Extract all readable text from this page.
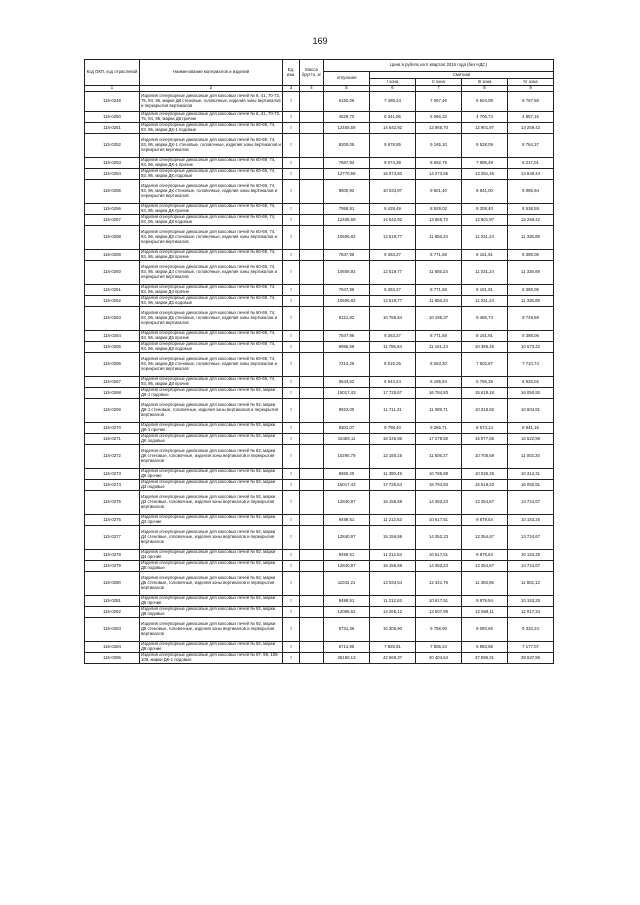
169
Код ОКП, код отраслевой	Наименование материалов и изделий	Ед. изм.	Масса брутто, кг	Цена в рублях на II квартал 2016 года (без НДС)				
				отпускная	Сметная			
					I зона	II зона	III зона	IV зона
1	2	3	4	5	6	7	8	9
115-0249	Изделия огнеупорные динасовые для коксовых печей № 6, 41, 70-73, 75, 94, 95, марки Д8 стеновые, головочные, изделия зоны вертикалов и перекрытия вертикалов	т		6150,06	7 495,24	7 067,46	6 604,08	6 767,68
115-0250	Изделия огнеупорные динасовые для коксовых печей № 6, 41, 70-73, 75, 94, 95, марки Д8 прочие	т		4529,70	5 341,86	5 056,33	4 706,74	4 857,16
115-0251	Изделия огнеупорные динасовые для коксовых печей № 60-69, 74, 93, 96, марки ДК-1 подовые	т		12405,69	14 642,92	13 865,70	12 901,97	13 259,42
115-0252	Изделия огнеупорные динасовые для коксовых печей № 60-69, 74, 93, 96, марки ДК-1 стеновые, головочные, изделия зоны вертикалов и перекрытия вертикалов	т		8200,05	9 678,85	9 165,10	8 528,09	8 764,37
115-0253	Изделия огнеупорные динасовые для коксовых печей № 60-69, 74, 93, 96, марки ДК-1 прочие	т		7687,94	9 074,38	8 592,75	7 995,49	8 217,01
115-0254	Изделия огнеупорные динасовые для коксовых печей № 60-69, 74, 93, 96, марки ДК подовые	т		12770,58	15 073,60	14 273,55	13 281,46	13 649,44
115-0255	Изделия огнеупорные динасовые для коксовых печей № 60-69, 74, 93, 96, марки ДК стеновые, головочные, изделия зоны вертикалов и перекрытия вертикалов	т		8500,92	10 033,97	9 501,40	8 841,00	9 085,94
115-0256	Изделия огнеупорные динасовые для коксовых печей № 60-69, 74, 93, 96, марки ДК прочие	т		7958,81	9 429,49	8 929,02	8 308,40	8 538,59
115-0257	Изделия огнеупорные динасовые для коксовых печей № 60-69, 74, 93, 96, марки Д8 подовые	т		12405,69	14 642,92	13 865,70	12 901,97	13 259,42
115-0258	Изделия огнеупорные динасовые для коксовых печей № 60-69, 74, 93, 96, марки Д8 стеновые, головочные, изделия зоны вертикалов и перекрытия вертикалов	т		10606,92	12 519,77	11 855,24	11 031,24	11 336,89
115-0259	Изделия огнеупорные динасовые для коксовых печей № 60-69, 74, 93, 96, марки Д8 прочие	т		7847,96	9 263,27	8 771,59	8 161,91	8 388,06
115-0260	Изделия огнеупорные динасовые для коксовых печей № 60-69, 74, 93, 96, марки Д4 стеновые, головочные, изделия зоны вертикалов и перекрытия вертикалов	т		10606,92	12 519,77	11 855,24	11 031,24	11 336,89
115-0261	Изделия огнеупорные динасовые для коксовых печей № 60-69, 74, 93, 96, марки Д4 прочие	т		7847,96	9 263,27	8 771,59	8 161,91	8 388,06
115-0262	Изделия огнеупорные динасовые для коксовых печей № 60-69, 74, 93, 96, марки Д5 подовые	т		10606,92	12 519,77	11 855,24	11 031,24	11 336,89
115-0263	Изделия огнеупорные динасовые для коксовых печей № 60-69, 74, 93, 96, марки Д5 стеновые, головочные, изделия зоны вертикалов и перекрытия вертикалов	т		9121,82	10 766,84	10 195,37	9 486,74	9 749,59
115-0264	Изделия огнеупорные динасовые для коксовых печей № 60-69, 74, 93, 96, марки Д5 прочие	т		7847,96	9 263,27	8 771,59	8 161,91	8 388,06
115-0265	Изделия огнеупорные динасовые для коксовых печей № 60-69, 74, 93, 96, марки Д8 подовые	т		9985,59	11 786,84	11 161,24	10 385,46	10 673,22
115-0266	Изделия огнеупорные динасовые для коксовых печей № 60-69, 74, 93, 96, марки Д8 стеновые, головочные, изделия зоны вертикалов и перекрытия вертикалов	т		7214,26	8 515,25	8 063,30	7 502,87	7 710,74
115-0267	Изделия огнеупорные динасовые для коксовых печей № 60-69, 74, 93, 96, марки Д8 прочие	т		5543,52	6 543,24	6 195,94	5 765,29	5 925,02
115-0268	Изделия огнеупорные динасовые для коксовых печей № 92, марки ДК-1 подовые	т		15017,43	17 725,67	16 784,83	15 618,18	16 050,92
115-0269	Изделия огнеупорные динасовые для коксовых печей № 92, марки ДК-1 стеновые, головочные, изделия зоны вертикалов и перекрытия вертикалов	т		9922,00	11 711,31	11 089,71	10 318,92	10 604,81
115-0270	Изделия огнеупорные динасовые для коксовых печей № 92, марки ДК-1 прочие	т		8301,07	9 798,40	9 285,71	8 673,14	8 941,16
115-0271	Изделия огнеупорные динасовые для коксовых печей № 92, марки ДК подовые	т		15459,11	18 245,86	17 278,50	16 077,55	16 522,99
115-0272	Изделия огнеупорные динасовые для коксовых печей № 92, марки ДК стеновые, головочные, изделия зоны вертикалов и перекрытия вертикалов	т		10290,79	12 150,15	11 505,27	10 705,59	11 002,20
115-0273	Изделия огнеупорные динасовые для коксовых печей № 92, марки ДК прочие	т		9650,20	11 390,49	10 785,88	10 036,25	10 314,31
115-0274	Изделия огнеупорные динасовые для коксовых печей № 92, марки Д3 подовые	т		15017,43	17 725,64	16 784,83	15 618,20	16 050,91
115-0275	Изделия огнеупорные динасовые для коксовых печей № 92, марки Д3 стеновые, головочные, изделия зоны вертикалов и перекрытия вертикалов	т		12840,97	15 156,69	14 352,23	13 354,67	13 724,67
115-0276	Изделия огнеупорные динасовые для коксовых печей № 92, марки Д3 прочие	т		9499,51	11 212,63	10 617,51	9 879,54	10 153,25
115-0277	Изделия огнеупорные динасовые для коксовых печей № 92, марки Д4 стеновые, головочные, изделия зоны вертикалов и перекрытия вертикалов	т		12840,97	15 156,69	14 352,23	13 354,67	13 724,67
115-0278	Изделия огнеупорные динасовые для коксовых печей № 92, марки Д4 прочие	т		9499,51	11 212,63	10 617,51	9 879,54	10 153,25
115-0279	Изделия огнеупорные динасовые для коксовых печей № 92, марки Д5 подовые	т		12840,97	15 156,69	14 352,23	13 354,67	13 724,67
115-0280	Изделия огнеупорные динасовые для коксовых печей № 92, марки Д5 стеновые, головочные, изделия зоны вертикалов и перекрытия вертикалов	т		11042,21	13 033,54	12 341,76	11 483,95	11 802,12
115-0281	Изделия огнеупорные динасовые для коксовых печей № 92, марки Д5 прочие	т		9499,51	11 212,63	10 617,51	9 879,54	10 153,25
115-0282	Изделия огнеупорные динасовые для коксовых печей № 92, марки Д8 подовые	т		12085,62	14 265,12	13 507,98	12 569,11	12 917,34
115-0283	Изделия огнеупорные динасовые для коксовых печей № 92, марки Д8 стеновые, головочные, изделия зоны вертикалов и перекрытия вертикалов	т		8731,36	10 305,90	9 758,90	9 080,66	9 332,24
115-0284	Изделия огнеупорные динасовые для коксовых печей № 92, марки Д8 прочие	т		6714,95	7 925,81	7 505,24	6 983,58	7 177,07
115-0285	Изделия огнеупорные динасовые для коксовых печей № 97, 98, 105-109, марки ДК-1 подовые	т		36150,13	42 669,37	40 404,64	37 596,31	38 637,95
